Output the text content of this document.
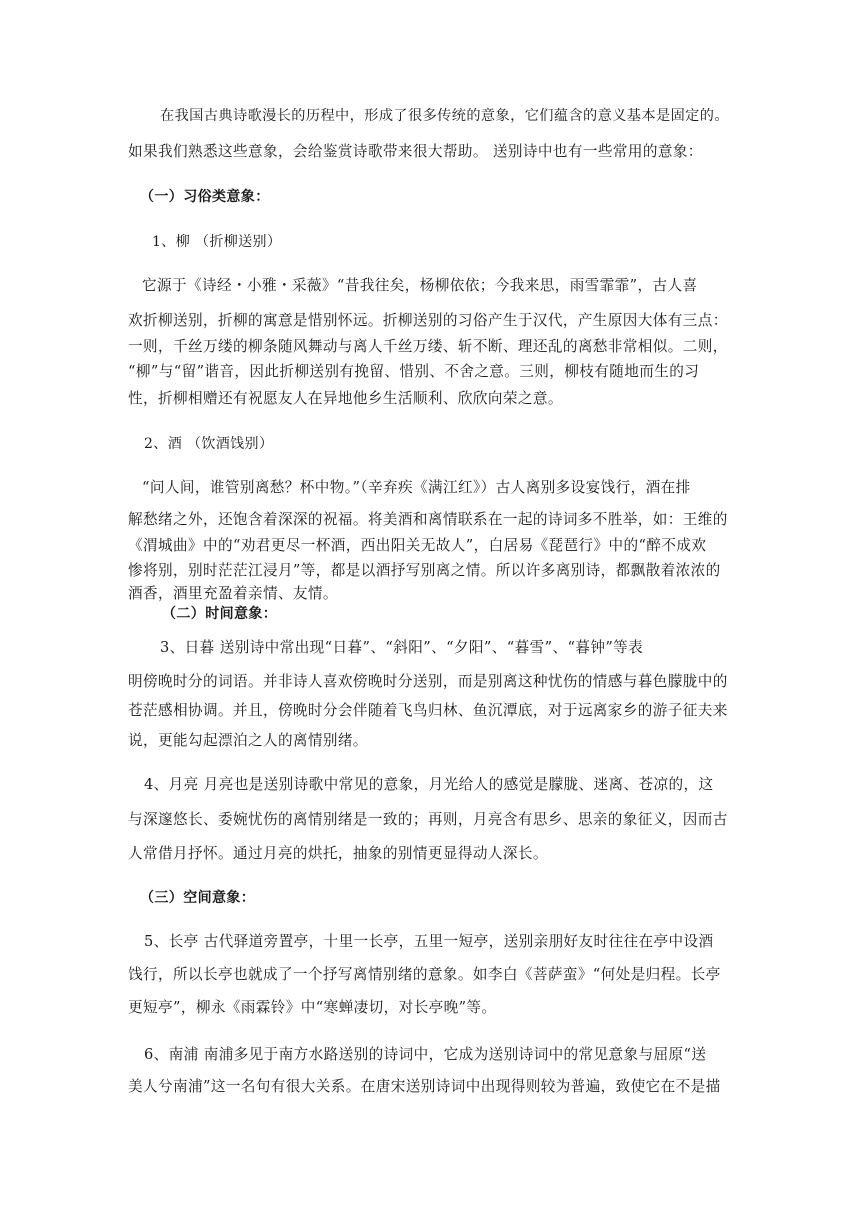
在我国古典诗歌漫长的历程中，形成了很多传统的意象，它们蕴含的意义基本是固定的。
如果我们熟悉这些意象，会给鉴赏诗歌带来很大帮助。 送别诗中也有一些常用的意象：
（一）习俗类意象：
1、柳 （折柳送别）
它源于《诗经・小雅・采薇》“昔我往矣，杨柳依依；今我来思，雨雪霏霏”，古人喜
欢折柳送别，折柳的寓意是惜别怀远。折柳送别的习俗产生于汉代，产生原因大体有三点：
一则，千丝万缕的柳条随风舞动与离人千丝万缕、斩不断、理还乱的离愁非常相似。二则，
“柳”与“留”谐音，因此折柳送别有挽留、惜别、不舍之意。三则，柳枝有随地而生的习
性，折柳相赠还有祝愿友人在异地他乡生活顺利、欣欣向荣之意。
2、酒 （饮酒饯别）
“问人间，谁管别离愁？杯中物。”（辛弃疾《满江红》）古人离别多设宴饯行，酒在排
解愁绪之外，还饱含着深深的祝福。将美酒和离情联系在一起的诗词多不胜举，如：王维的
《渭城曲》中的“劝君更尽一杯酒，西出阳关无故人”，白居易《琵琶行》中的“醉不成欢
惨将别，别时茫茫江浸月”等，都是以酒抒写别离之情。所以许多离别诗，都飘散着浓浓的
酒香，酒里充盈着亲情、友情。
（二）时间意象：
3、日暮 送别诗中常出现“日暮”、“斜阳”、“夕阳”、“暮雪”、“暮钟”等表
明傍晚时分的词语。并非诗人喜欢傍晚时分送别，而是别离这种忧伤的情感与暮色朦胧中的
苍茫感相协调。并且，傍晚时分会伴随着飞鸟归林、鱼沉潭底，对于远离家乡的游子征夫来
说，更能勾起漂泊之人的离情别绪。
4、月亮 月亮也是送别诗歌中常见的意象，月光给人的感觉是朦胧、迷离、苍凉的，这
与深邃悠长、委婉忧伤的离情别绪是一致的；再则，月亮含有思乡、思亲的象征义，因而古
人常借月抒怀。通过月亮的烘托，抽象的别情更显得动人深长。
（三）空间意象：
5、长亭 古代驿道旁置亭，十里一长亭，五里一短亭，送别亲朋好友时往往在亭中设酒
饯行，所以长亭也就成了一个抒写离情别绪的意象。如李白《菩萨蛮》“何处是归程。长亭
更短亭”，柳永《雨霖铃》中“寒蝉凄切，对长亭晚”等。
6、南浦 南浦多见于南方水路送别的诗词中，它成为送别诗词中的常见意象与屈原“送
美人兮南浦”这一名句有很大关系。在唐宋送别诗词中出现得则较为普遍，致使它在不是描
